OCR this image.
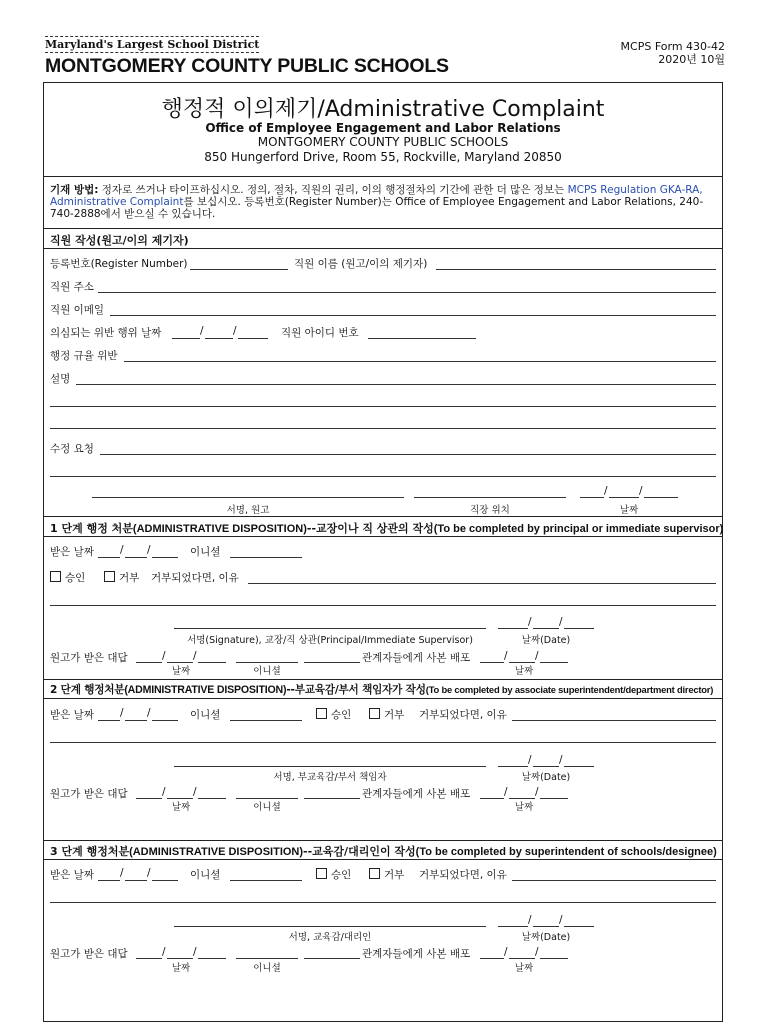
Maryland's Largest School District
MONTGOMERY COUNTY PUBLIC SCHOOLS
MCPS Form 430-42
2020년 10월
행정적 이의제기/Administrative Complaint
Office of Employee Engagement and Labor Relations
MONTGOMERY COUNTY PUBLIC SCHOOLS
850 Hungerford Drive, Room 55, Rockville, Maryland 20850
기재 방법: 정자로 쓰거나 타이프하십시오. 정의, 절차, 직원의 권리, 이의 행정절차의 기간에 관한 더 많은 정보는 MCPS Regulation GKA-RA, Administrative Complaint를 보십시오. 등록번호(Register Number)는 Office of Employee Engagement and Labor Relations, 240-740-2888에서 받으실 수 있습니다.
직원 작성(원고/이의 제기자)
등록번호(Register Number)	직원 이름 (원고/이의 제기자)
직원 주소
직원 이메일
의심되는 위반 행위 날짜	/	/	직원 아이디 번호
행정 규율 위반
설명
수정 요청
/	/
서명, 원고	직장 위치	날짜
1 단계 행정 처분(ADMINISTRATIVE DISPOSITION)--교장이나 직 상관의 작성(To be completed by principal or immediate supervisor)
받은 날짜 / /	이니셜
승인	거부 거부되었다면, 이유
/	/
서명(Signature), 교장/직 상관(Principal/Immediate Supervisor)	날짜(Date)
원고가 받은 대답	/	/	관계자들에게 사본 배포	/	/
날짜	이니셜	날짜
2 단계 행정처분(ADMINISTRATIVE DISPOSITION)--부교육감/부서 책임자가 작성(To be completed by associate superintendent/department director)
받은 날짜 / /	이니셜	승인	거부 거부되었다면, 이유
/	/
서명, 부교육감/부서 책임자	날짜(Date)
원고가 받은 대답	/	/	관계자들에게 사본 배포	/	/
날짜	이니셜	날짜
3 단계 행정처분(ADMINISTRATIVE DISPOSITION)--교육감/대리인이 작성(To be completed by superintendent of schools/designee)
받은 날짜 / /	이니셜	승인	거부 거부되었다면, 이유
/	/
서명, 교육감/대리인	날짜(Date)
원고가 받은 대답	/	/	관계자들에게 사본 배포	/	/
날짜	이니셜	날짜
